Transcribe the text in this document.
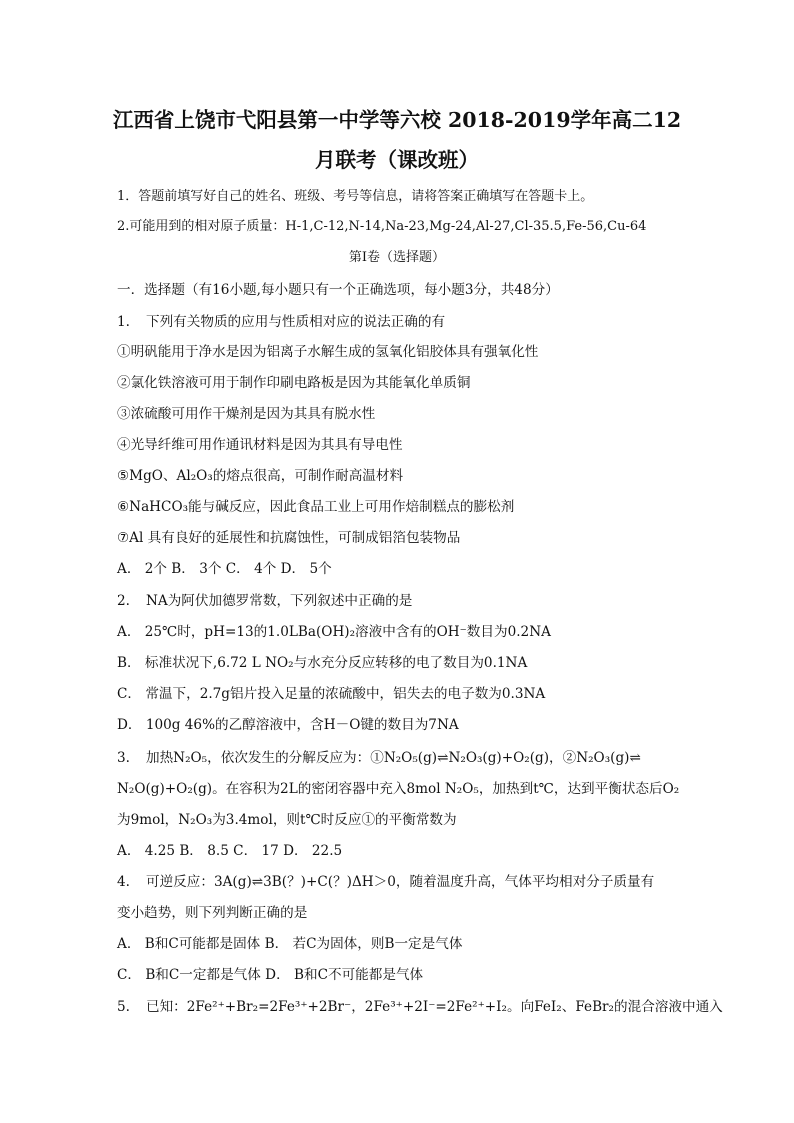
江西省上饶市弋阳县第一中学等六校 2018-2019学年高二12
月联考（课改班）
1．答题前填写好自己的姓名、班级、考号等信息，请将答案正确填写在答题卡上。
2.可能用到的相对原子质量：H-1,C-12,N-14,Na-23,Mg-24,Al-27,Cl-35.5,Fe-56,Cu-64
第I卷（选择题）
一．选择题（有16小题,每小题只有一个正确选项，每小题3分，共48分）
1. 下列有关物质的应用与性质相对应的说法正确的有
①明矾能用于净水是因为铝离子水解生成的氢氧化铝胶体具有强氧化性
②氯化铁溶液可用于制作印刷电路板是因为其能氧化单质铜
③浓硫酸可用作干燥剂是因为其具有脱水性
④光导纤维可用作通讯材料是因为其具有导电性
⑤MgO、Al₂O₃的熔点很高，可制作耐高温材料
⑥NaHCO₃能与碱反应，因此食品工业上可用作焙制糕点的膨松剂
⑦Al 具有良好的延展性和抗腐蚀性，可制成铝箔包装物品
A． 2个 B． 3个 C． 4个 D． 5个
2. NA为阿伏加德罗常数，下列叙述中正确的是
A． 25℃时，pH=13的1.0LBa(OH)₂溶液中含有的OH⁻数目为0.2NA
B． 标准状况下,6.72 L NO₂与水充分反应转移的电了数目为0.1NA
C． 常温下，2.7g铝片投入足量的浓硫酸中，铝失去的电子数为0.3NA
D． 100g 46%的乙醇溶液中，含H－O键的数目为7NA
3. 加热N₂O₅，依次发生的分解反应为：①N₂O₅(g)⇌N₂O₃(g)+O₂(g)，②N₂O₃(g)⇌
N₂O(g)+O₂(g)。在容积为2L的密闭容器中充入8mol N₂O₅，加热到t℃，达到平衡状态后O₂
为9mol，N₂O₃为3.4mol，则t℃时反应①的平衡常数为
A． 4.25 B． 8.5 C． 17 D． 22.5
4. 可逆反应：3A(g)⇌3B(？)+C(？)ΔH＞0，随着温度升高，气体平均相对分子质量有
变小趋势，则下列判断正确的是
A． B和C可能都是固体 B． 若C为固体，则B一定是气体
C． B和C一定都是气体 D． B和C不可能都是气体
5. 已知：2Fe²⁺+Br₂=2Fe³⁺+2Br⁻，2Fe³⁺+2I⁻=2Fe²⁺+I₂。向FeI₂、FeBr₂的混合溶液中通入
